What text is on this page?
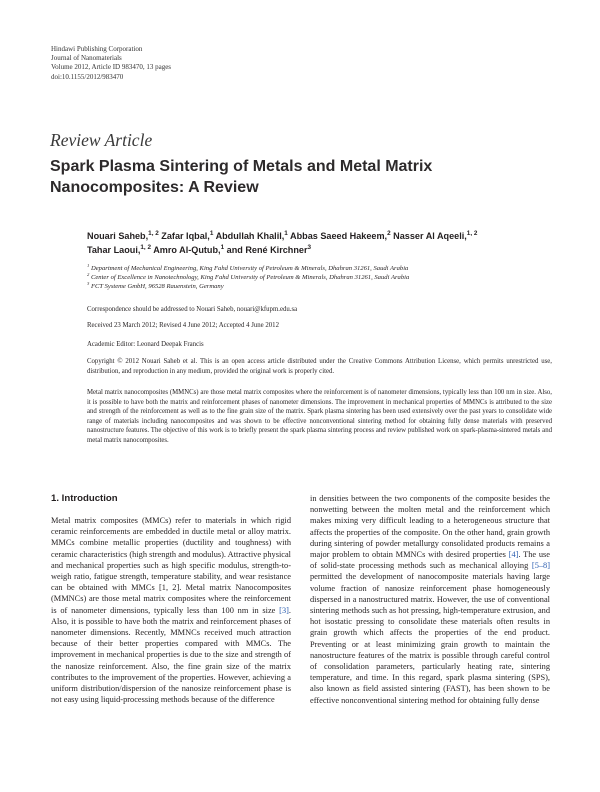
Hindawi Publishing Corporation
Journal of Nanomaterials
Volume 2012, Article ID 983470, 13 pages
doi:10.1155/2012/983470
Review Article
Spark Plasma Sintering of Metals and Metal Matrix Nanocomposites: A Review
Nouari Saheb,$^{1, 2}$ Zafar Iqbal,$^1$ Abdullah Khalil,$^1$ Abbas Saeed Hakeem,$^2$ Nasser Al Aqeeli,$^{1, 2}$
Tahar Laoui,$^{1, 2}$ Amro Al-Qutub,$^1$ and René Kirchner$^3$
$^1$ Department of Mechanical Engineering, King Fahd University of Petroleum & Minerals, Dhahran 31261, Saudi Arabia
$^2$ Center of Excellence in Nanotechnology, King Fahd University of Petroleum & Minerals, Dhahran 31261, Saudi Arabia
$^3$ FCT Systeme GmbH, 96528 Rauenstein, Germany
Correspondence should be addressed to Nouari Saheb, nouari@kfupm.edu.sa
Received 23 March 2012; Revised 4 June 2012; Accepted 4 June 2012
Academic Editor: Leonard Deepak Francis
Copyright © 2012 Nouari Saheb et al. This is an open access article distributed under the Creative Commons Attribution License, which permits unrestricted use, distribution, and reproduction in any medium, provided the original work is properly cited.
Metal matrix nanocomposites (MMNCs) are those metal matrix composites where the reinforcement is of nanometer dimensions, typically less than 100 nm in size. Also, it is possible to have both the matrix and reinforcement phases of nanometer dimensions. The improvement in mechanical properties of MMNCs is attributed to the size and strength of the reinforcement as well as to the fine grain size of the matrix. Spark plasma sintering has been used extensively over the past years to consolidate wide range of materials including nanocomposites and was shown to be effective nonconventional sintering method for obtaining fully dense materials with preserved nanostructure features. The objective of this work is to briefly present the spark plasma sintering process and review published work on spark-plasma-sintered metals and metal matrix nanocomposites.
1. Introduction
Metal matrix composites (MMCs) refer to materials in which rigid ceramic reinforcements are embedded in ductile metal or alloy matrix. MMCs combine metallic properties (ductility and toughness) with ceramic characteristics (high strength and modulus). Attractive physical and mechanical properties such as high specific modulus, strength-to-weigh ratio, fatigue strength, temperature stability, and wear resistance can be obtained with MMCs [1, 2]. Metal matrix Nanocomposites (MMNCs) are those metal matrix composites where the reinforcement is of nanometer dimensions, typically less than 100 nm in size [3]. Also, it is possible to have both the matrix and reinforcement phases of nanometer dimensions. Recently, MMNCs received much attraction because of their better properties compared with MMCs. The improvement in mechanical properties is due to the size and strength of the nanosize reinforcement. Also, the fine grain size of the matrix contributes to the improvement of the properties. However, achieving a uniform distribution/dispersion of the nanosize reinforcement phase is not easy using liquid-processing methods because of the difference
in densities between the two components of the composite besides the nonwetting between the molten metal and the reinforcement which makes mixing very difficult leading to a heterogeneous structure that affects the properties of the composite. On the other hand, grain growth during sintering of powder metallurgy consolidated products remains a major problem to obtain MMNCs with desired properties [4]. The use of solid-state processing methods such as mechanical alloying [5–8] permitted the development of nanocomposite materials having large volume fraction of nanosize reinforcement phase homogeneously dispersed in a nanostructured matrix. However, the use of conventional sintering methods such as hot pressing, high-temperature extrusion, and hot isostatic pressing to consolidate these materials often results in grain growth which affects the properties of the end product. Preventing or at least minimizing grain growth to maintain the nanostructure features of the matrix is possible through careful control of consolidation parameters, particularly heating rate, sintering temperature, and time. In this regard, spark plasma sintering (SPS), also known as field assisted sintering (FAST), has been shown to be effective nonconventional sintering method for obtaining fully dense
